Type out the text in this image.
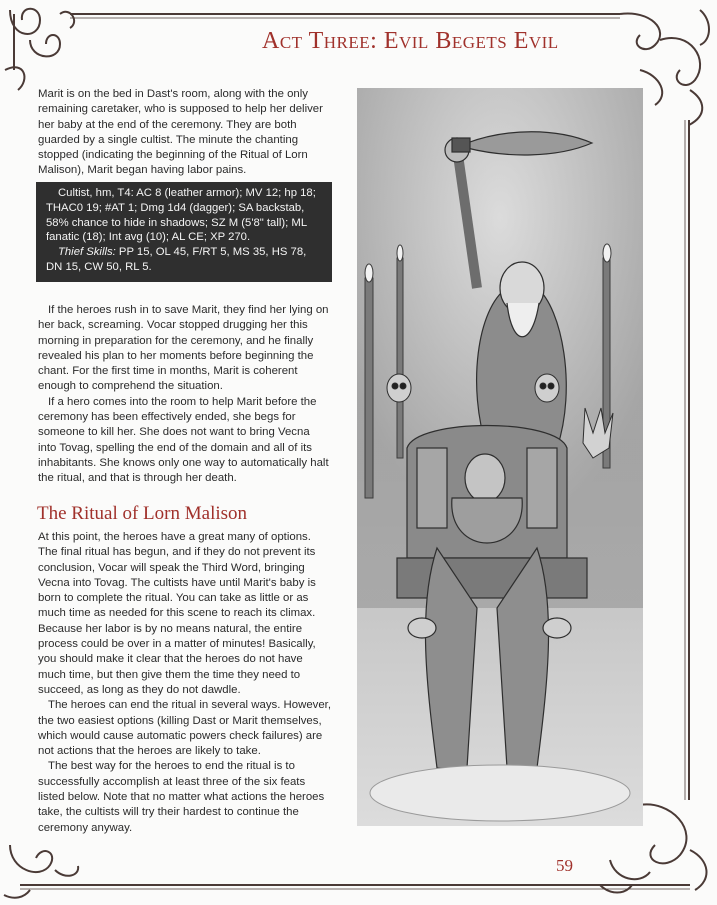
Act Three: Evil Begets Evil

Marit is on the bed in Dast's room, along with the only remaining caretaker, who is supposed to help her deliver her baby at the end of the ceremony. They are both guarded by a single cultist. The minute the chanting stopped (indicating the beginning of the Ritual of Lorn Malison), Marit began having labor pains.

Cultist, hm, T4: AC 8 (leather armor); MV 12; hp 18; THAC0 19; #AT 1; Dmg 1d4 (dagger); SA backstab, 58% chance to hide in shadows; SZ M (5'8" tall); ML fanatic (18); Int avg (10); AL CE; XP 270.

Thief Skills: PP 15, OL 45, F/RT 5, MS 35, HS 78, DN 15, CW 50, RL 5.

If the heroes rush in to save Marit, they find her lying on her back, screaming. Vocar stopped drugging her this morning in preparation for the ceremony, and he finally revealed his plan to her moments before beginning the chant. For the first time in months, Marit is coherent enough to comprehend the situation.

If a hero comes into the room to help Marit before the ceremony has been effectively ended, she begs for someone to kill her. She does not want to bring Vecna into Tovag, spelling the end of the domain and all of its inhabitants. She knows only one way to automatically halt the ritual, and that is through her death.

The Ritual of Lorn Malison

At this point, the heroes have a great many of options. The final ritual has begun, and if they do not prevent its conclusion, Vocar will speak the Third Word, bringing Vecna into Tovag. The cultists have until Marit's baby is born to complete the ritual. You can take as little or as much time as needed for this scene to reach its climax. Because her labor is by no means natural, the entire process could be over in a matter of minutes! Basically, you should make it clear that the heroes do not have much time, but then give them the time they need to succeed, as long as they do not dawdle.

The heroes can end the ritual in several ways. However, the two easiest options (killing Dast or Marit themselves, which would cause automatic powers check failures) are not actions that the heroes are likely to take.

The best way for the heroes to end the ritual is to successfully accomplish at least three of the six feats listed below. Note that no matter what actions the heroes take, the cultists will try their hardest to continue the ceremony anyway.

59
